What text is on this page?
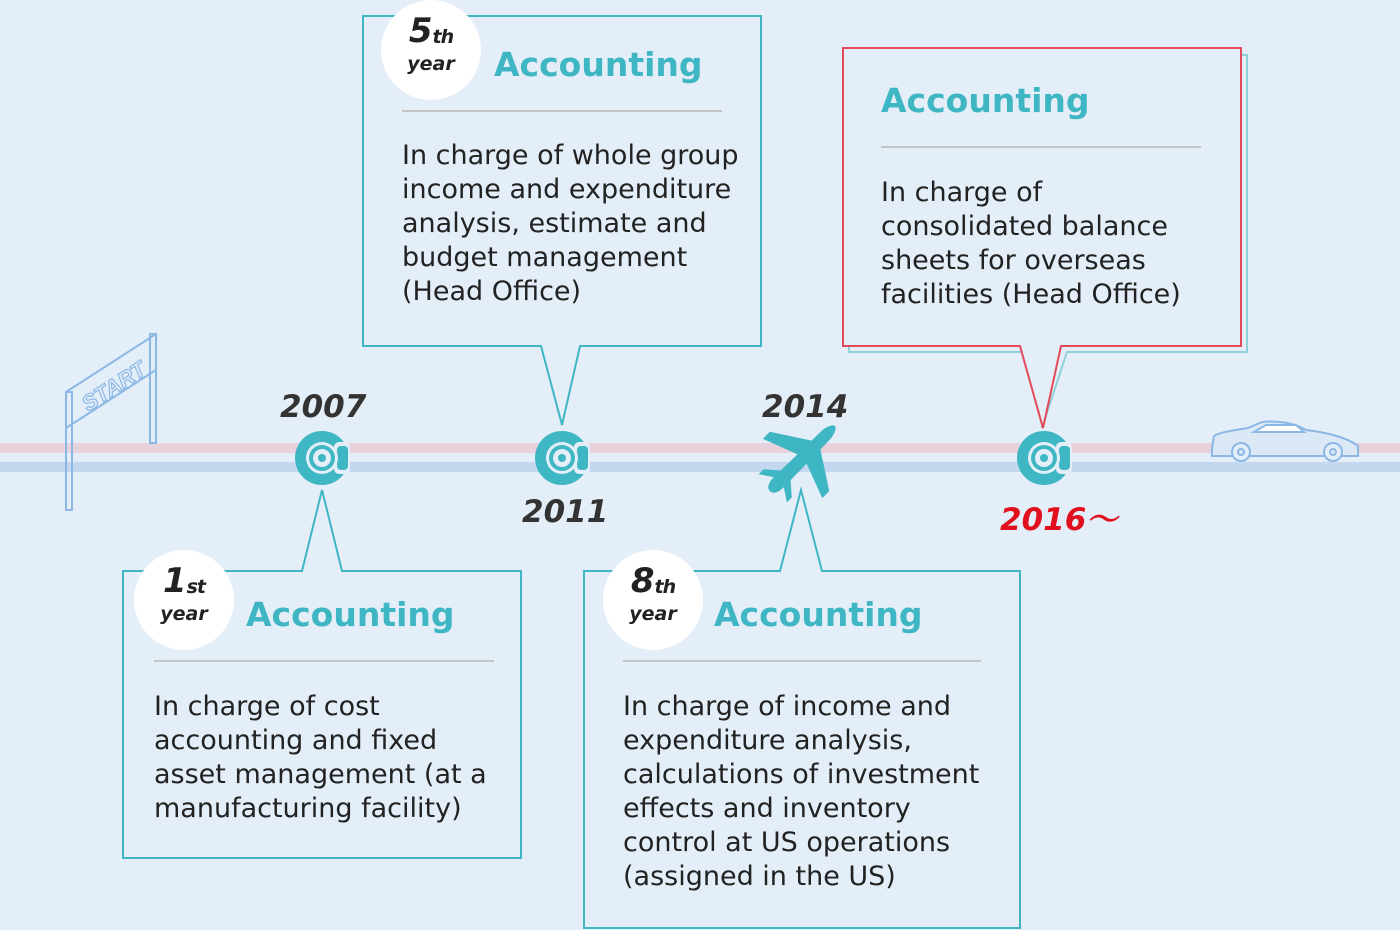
START	2007
2011
2014
2016～
5th
year	Accounting
In charge of whole group
income and expenditure
analysis, estimate and
budget management
(Head Office)
Accounting
In charge of
consolidated balance
sheets for overseas
facilities (Head Office)
1st
year	Accounting
In charge of cost
accounting and fixed
asset management (at a
manufacturing facility)
8th
year	Accounting
In charge of income and
expenditure analysis,
calculations of investment
effects and inventory
control at US operations
(assigned in the US)
